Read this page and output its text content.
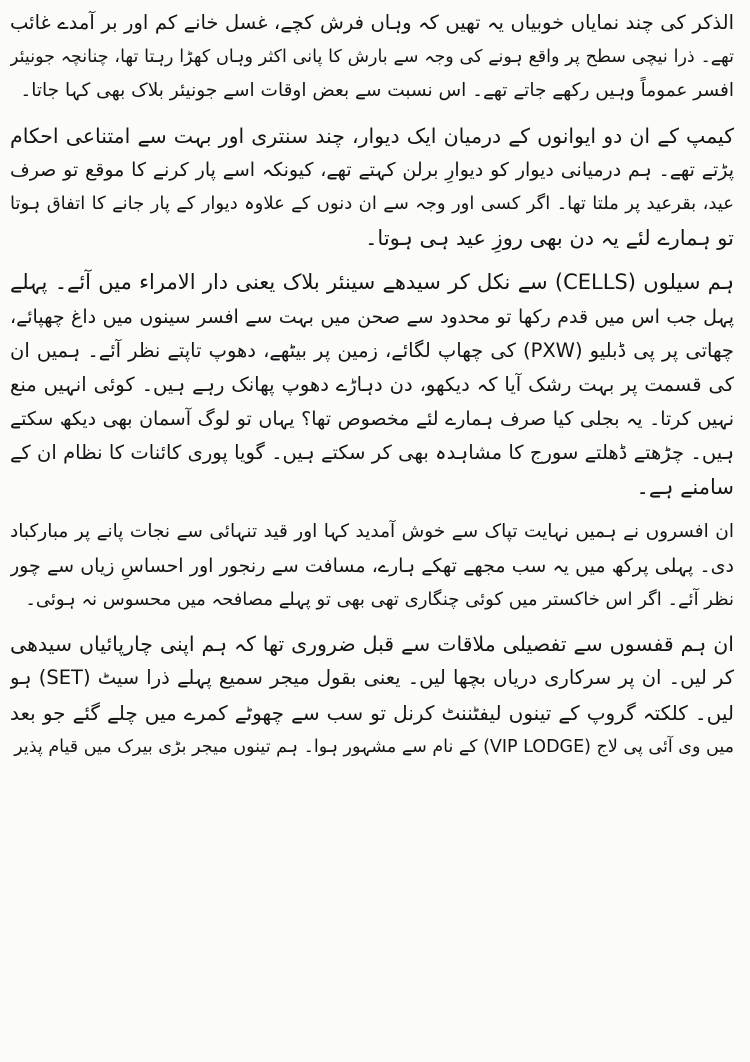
الذکر کی چند نمایاں خوبیاں یہ تھیں کہ وہاں فرش کچے، غسل خانے کم اور بر آمدے غائب
تھے۔ ذرا نیچی سطح پر واقع ہونے کی وجہ سے بارش کا پانی اکثر وہاں کھڑا رہتا تھا، چنانچہ جونیئر
افسر عموماً وہیں رکھے جاتے تھے۔ اس نسبت سے بعض اوقات اسے جونیئر بلاک بھی کہا جاتا۔
کیمپ کے ان دو ایوانوں کے درمیان ایک دیوار، چند سنتری اور بہت سے امتناعی احکام
پڑتے تھے۔ ہم درمیانی دیوار کو دیوارِ برلن کہتے تھے، کیونکہ اسے پار کرنے کا موقع تو صرف
عید، بقرعید پر ملتا تھا۔ اگر کسی اور وجہ سے ان دنوں کے علاوہ دیوار کے پار جانے کا اتفاق ہوتا
تو ہمارے لئے یہ دن بھی روزِ عید ہی ہوتا۔
ہم سیلوں (CELLS) سے نکل کر سیدھے سینئر بلاک یعنی دار الامراء میں آئے۔ پہلے
پہل جب اس میں قدم رکھا تو محدود سے صحن میں بہت سے افسر سینوں میں داغ چھپائے،
چھاتی پر پی ڈبلیو (PXW) کی چھاپ لگائے، زمین پر بیٹھے، دھوپ تاپتے نظر آئے۔ ہمیں ان
کی قسمت پر بہت رشک آیا کہ دیکھو، دن دہاڑے دھوپ پھانک رہے ہیں۔ کوئی انہیں منع
نہیں کرتا۔ یہ بجلی کیا صرف ہمارے لئے مخصوص تھا؟ یہاں تو لوگ آسمان بھی دیکھ سکتے
ہیں۔ چڑھتے ڈھلتے سورج کا مشاہدہ بھی کر سکتے ہیں۔ گویا پوری کائنات کا نظام ان کے
سامنے ہے۔
ان افسروں نے ہمیں نہایت تپاک سے خوش آمدید کہا اور قید تنہائی سے نجات پانے پر مبارکباد
دی۔ پہلی پرکھ میں یہ سب مجھے تھکے ہارے، مسافت سے رنجور اور احساسِ زیاں سے چور
نظر آئے۔ اگر اس خاکستر میں کوئی چنگاری تھی بھی تو پہلے مصافحہ میں محسوس نہ ہوئی۔
ان ہم قفسوں سے تفصیلی ملاقات سے قبل ضروری تھا کہ ہم اپنی چارپائیاں سیدھی
کر لیں۔ ان پر سرکاری دریاں بچھا لیں۔ یعنی بقول میجر سمیع پہلے ذرا سیٹ (SET) ہو
لیں۔ کلکتہ گروپ کے تینوں لیفٹننٹ کرنل تو سب سے چھوٹے کمرے میں چلے گئے جو بعد
میں وی آئی پی لاج (VIP LODGE) کے نام سے مشہور ہوا۔ ہم تینوں میجر بڑی بیرک میں قیام پذیر
